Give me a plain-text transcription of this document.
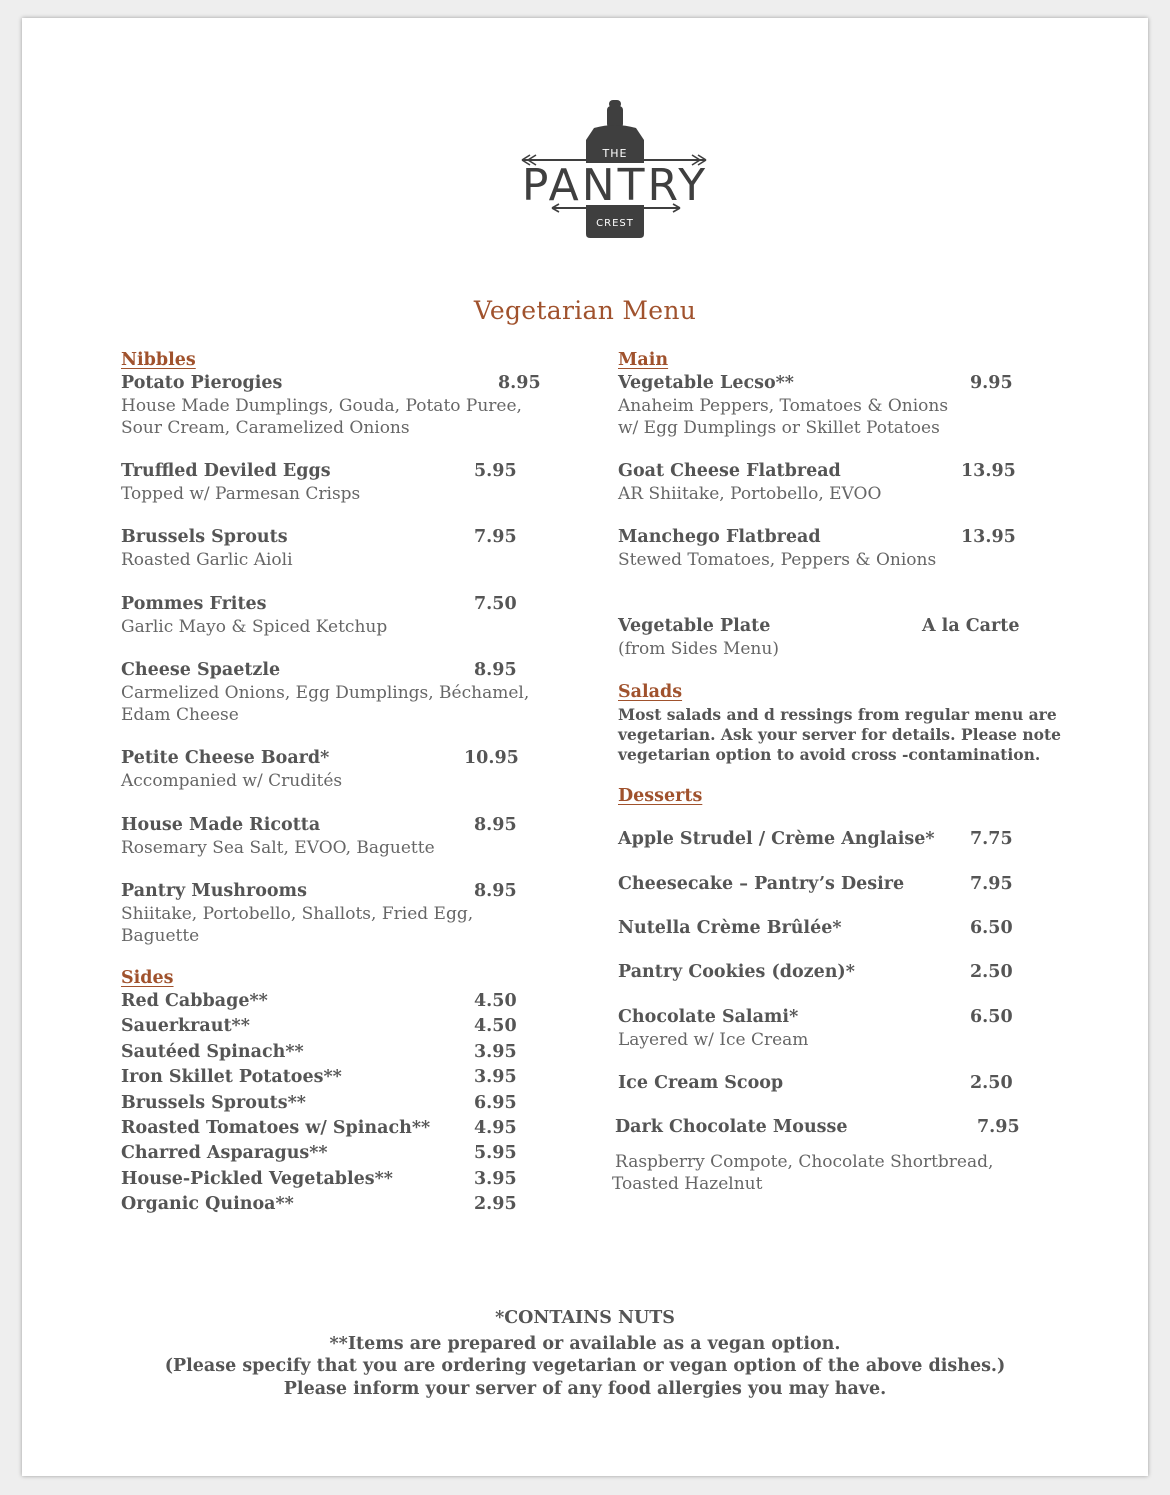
THE
PANTRY
CREST
Vegetarian Menu
Nibbles
Sides
Main
Salads
Most salads and d ressings from regular menu are vegetarian. Ask your server for details. Please note vegetarian option to avoid cross -contamination.
Desserts
*CONTAINS NUTS
**Items are prepared or available as a vegan option.
(Please specify that you are ordering vegetarian or vegan option of the above dishes.)
Please inform your server of any food allergies you may have.
Potato Pierogies	8.95
House Made Dumplings, Gouda, Potato Puree, Sour Cream, Caramelized Onions
Truffled Deviled Eggs	5.95
Topped w/ Parmesan Crisps
Brussels Sprouts	7.95
Roasted Garlic Aioli
Pommes Frites	7.50
Garlic Mayo & Spiced Ketchup
Cheese Spaetzle	8.95
Carmelized Onions, Egg Dumplings, Béchamel, Edam Cheese
Petite Cheese Board*	10.95
Accompanied w/ Crudités
House Made Ricotta	8.95
Rosemary Sea Salt, EVOO, Baguette
Pantry Mushrooms	8.95
Shiitake, Portobello, Shallots, Fried Egg, Baguette
Red Cabbage**	4.50
Sauerkraut**	4.50
Sautéed Spinach**	3.95
Iron Skillet Potatoes**	3.95
Brussels Sprouts**	6.95
Roasted Tomatoes w/ Spinach**	4.95
Charred Asparagus**	5.95
House-Pickled Vegetables**	3.95
Organic Quinoa**	2.95
Vegetable Lecso**	9.95
Anaheim Peppers, Tomatoes & Onions w/ Egg Dumplings or Skillet Potatoes
Goat Cheese Flatbread	13.95
AR Shiitake, Portobello, EVOO
Manchego Flatbread	13.95
Stewed Tomatoes, Peppers & Onions
Vegetable Plate	A la Carte
(from Sides Menu)
Apple Strudel / Crème Anglaise* 7.75
Cheesecake – Pantry’s Desire	7.95
Nutella Crème Brûlée*	6.50
Pantry Cookies (dozen)*	2.50
Chocolate Salami*	6.50
Layered w/ Ice Cream
Ice Cream Scoop	2.50
Dark Chocolate Mousse	7.95
Raspberry Compote, Chocolate Shortbread, Toasted Hazelnut
